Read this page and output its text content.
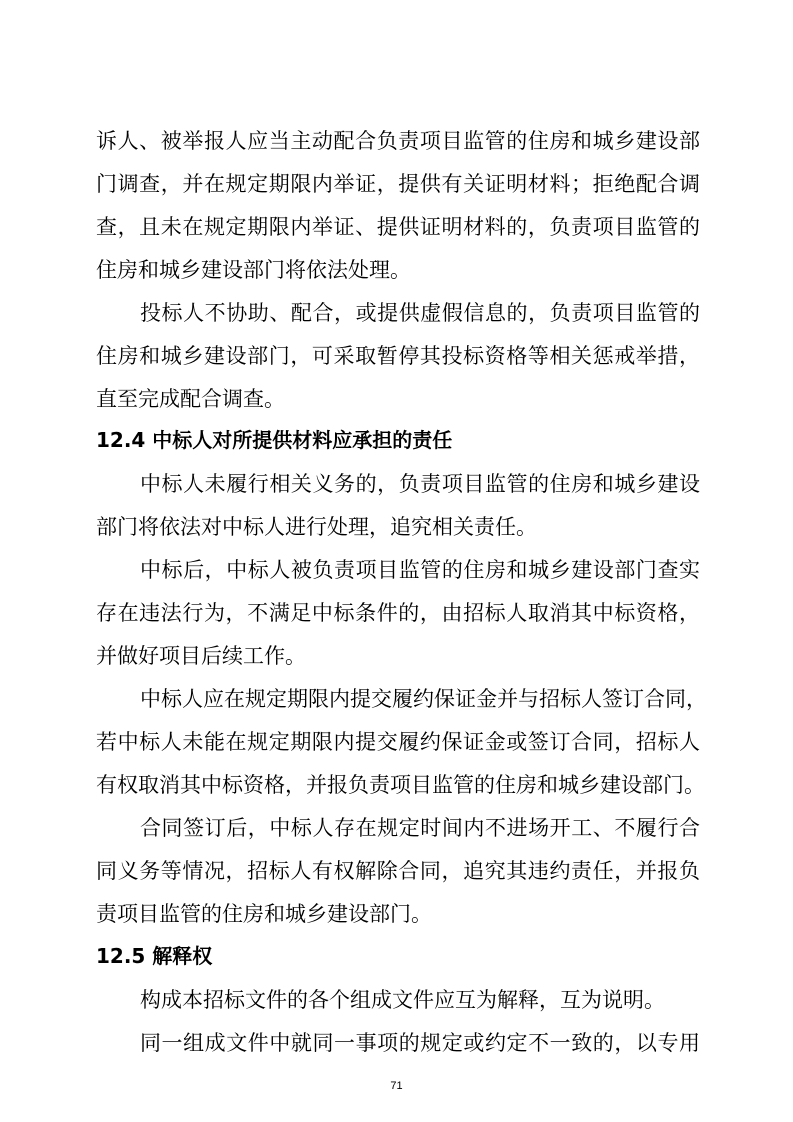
诉人、被举报人应当主动配合负责项目监管的住房和城乡建设部
门调查，并在规定期限内举证，提供有关证明材料；拒绝配合调
查，且未在规定期限内举证、提供证明材料的，负责项目监管的
住房和城乡建设部门将依法处理。
投标人不协助、配合，或提供虚假信息的，负责项目监管的
住房和城乡建设部门，可采取暂停其投标资格等相关惩戒举措，
直至完成配合调查。
12.4 中标人对所提供材料应承担的责任
中标人未履行相关义务的，负责项目监管的住房和城乡建设
部门将依法对中标人进行处理，追究相关责任。
中标后，中标人被负责项目监管的住房和城乡建设部门查实
存在违法行为，不满足中标条件的，由招标人取消其中标资格，
并做好项目后续工作。
中标人应在规定期限内提交履约保证金并与招标人签订合同，
若中标人未能在规定期限内提交履约保证金或签订合同，招标人
有权取消其中标资格，并报负责项目监管的住房和城乡建设部门。
合同签订后，中标人存在规定时间内不进场开工、不履行合
同义务等情况，招标人有权解除合同，追究其违约责任，并报负
责项目监管的住房和城乡建设部门。
12.5 解释权
构成本招标文件的各个组成文件应互为解释，互为说明。
同一组成文件中就同一事项的规定或约定不一致的，以专用
71
